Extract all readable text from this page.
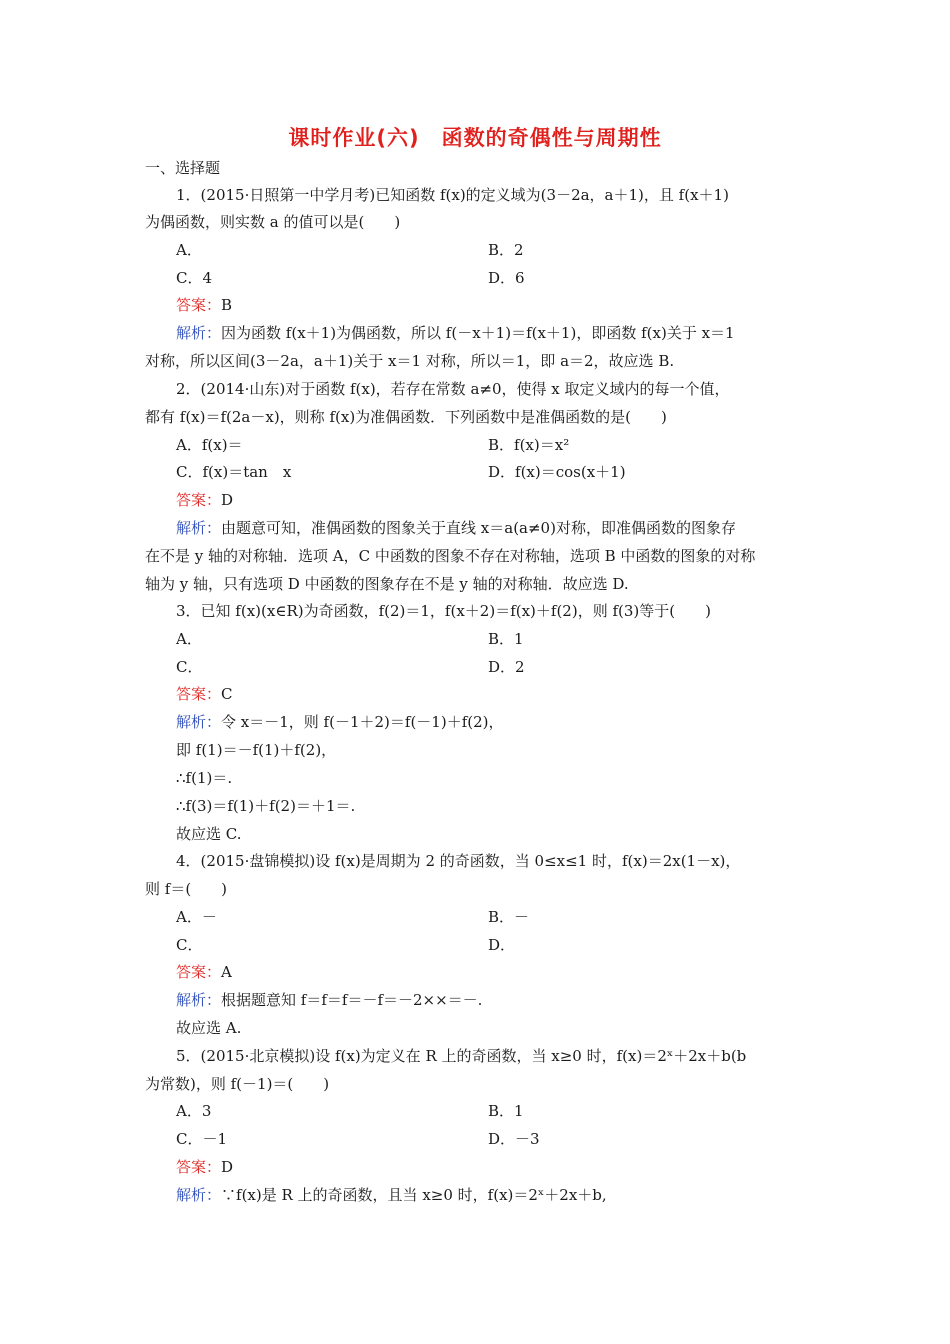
课时作业(六)　函数的奇偶性与周期性
一、选择题
1．(2015·日照第一中学月考)已知函数 f(x)的定义域为(3－2a，a＋1)，且 f(x＋1)
为偶函数，则实数 a 的值可以是(　　)
A．	B．2
C．4	D．6
答案：B
解析：因为函数 f(x＋1)为偶函数，所以 f(－x＋1)＝f(x＋1)，即函数 f(x)关于 x＝1
对称，所以区间(3－2a，a＋1)关于 x＝1 对称，所以＝1，即 a＝2，故应选 B.
2．(2014·山东)对于函数 f(x)，若存在常数 a≠0，使得 x 取定义域内的每一个值，
都有 f(x)＝f(2a－x)，则称 f(x)为准偶函数．下列函数中是准偶函数的是(　　)
A．f(x)＝	B．f(x)＝x²
C．f(x)＝tan　x	D．f(x)＝cos(x＋1)
答案：D
解析：由题意可知，准偶函数的图象关于直线 x＝a(a≠0)对称，即准偶函数的图象存
在不是 y 轴的对称轴．选项 A，C 中函数的图象不存在对称轴，选项 B 中函数的图象的对称
轴为 y 轴，只有选项 D 中函数的图象存在不是 y 轴的对称轴．故应选 D.
3．已知 f(x)(x∈R)为奇函数，f(2)＝1，f(x＋2)＝f(x)＋f(2)，则 f(3)等于(　　)
A．	B．1
C．	D．2
答案：C
解析：令 x＝－1，则 f(－1＋2)＝f(－1)＋f(2)，
即 f(1)＝－f(1)＋f(2)，
∴f(1)＝.
∴f(3)＝f(1)＋f(2)＝＋1＝.
故应选 C.
4．(2015·盘锦模拟)设 f(x)是周期为 2 的奇函数，当 0≤x≤1 时，f(x)＝2x(1－x)，
则 f＝(　　)
A．－	B．－
C．	D．
答案：A
解析：根据题意知 f＝f＝f＝－f＝－2××＝－.
故应选 A.
5．(2015·北京模拟)设 f(x)为定义在 R 上的奇函数，当 x≥0 时，f(x)＝2ˣ＋2x＋b(b
为常数)，则 f(－1)＝(　　)
A．3	B．1
C．－1	D．－3
答案：D
解析：∵f(x)是 R 上的奇函数，且当 x≥0 时，f(x)＝2ˣ＋2x＋b,
